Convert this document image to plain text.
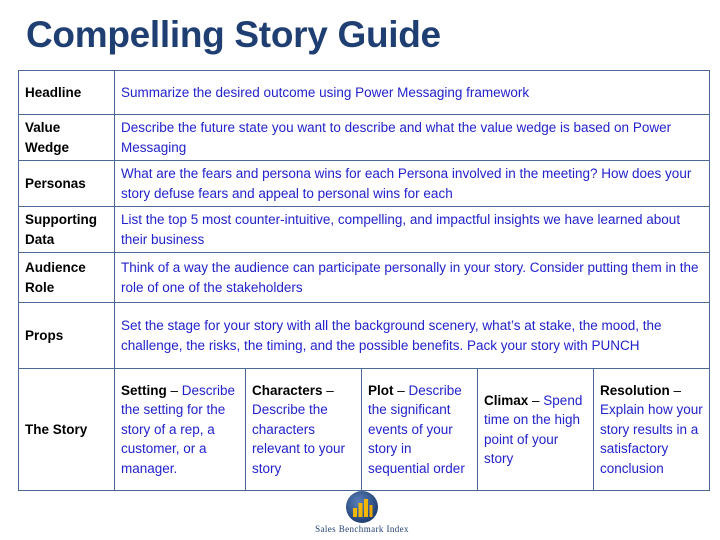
Compelling Story Guide
Headline	Summarize the desired outcome using Power Messaging framework				
Value Wedge	Describe the future state you want to describe and what the value wedge is based on Power Messaging				
Personas	What are the fears and persona wins for each Persona involved in the meeting? How does your story defuse fears and appeal to personal wins for each				
Supporting Data	List the top 5 most counter-intuitive, compelling, and impactful insights we have learned about their business				
Audience Role	Think of a way the audience can participate personally in your story. Consider putting them in the role of one of the stakeholders				
Props	Set the stage for your story with all the background scenery, what’s at stake, the mood, the challenge, the risks, the timing, and the possible benefits. Pack your story with PUNCH				
The Story	Setting – Describe the setting for the story of a rep, a customer, or a manager.	Characters – Describe the characters relevant to your story	Plot – Describe the significant events of your story in sequential order	Climax – Spend time on the high point of your story	Resolution – Explain how your story results in a satisfactory conclusion
Sales Benchmark Index
